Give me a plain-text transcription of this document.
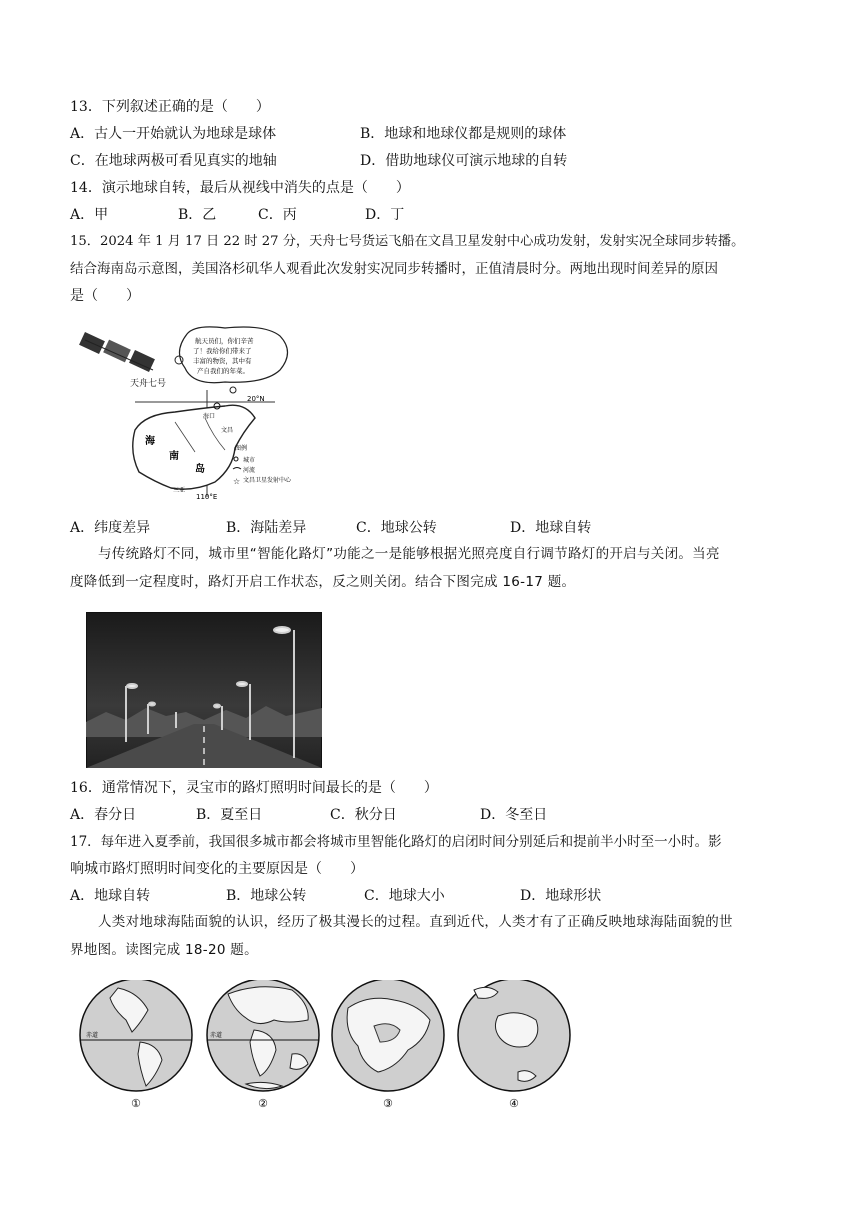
13．下列叙述正确的是（　　）
A．古人一开始就认为地球是球体	B．地球和地球仪都是规则的球体
C．在地球两极可看见真实的地轴	D．借助地球仪可演示地球的自转
14．演示地球自转，最后从视线中消失的点是（　　）
A．甲	B．乙	C．丙	D．丁
15．2024 年 1 月 17 日 22 时 27 分，天舟七号货运飞船在文昌卫星发射中心成功发射，发射实况全球同步转播。
结合海南岛示意图，美国洛杉矶华人观看此次发射实况同步转播时，正值清晨时分。两地出现时间差异的原因
是（　　）
天舟七号
航天员们，你们辛苦
了！我给你们带来了
丰富的物资，其中有
产自我们的年菜。
20°N
110°E
海
南
岛
海口
文昌
三亚
图例
城市
河流
☆ 文昌卫星发射中心
A．纬度差异	B．海陆差异	C．地球公转	D．地球自转
与传统路灯不同，城市里“智能化路灯”功能之一是能够根据光照亮度自行调节路灯的开启与关闭。当亮
度降低到一定程度时，路灯开启工作状态，反之则关闭。结合下图完成 16-17 题。
16．通常情况下，灵宝市的路灯照明时间最长的是（　　）
A．春分日	B．夏至日	C．秋分日	D．冬至日
17．每年进入夏季前，我国很多城市都会将城市里智能化路灯的启闭时间分别延后和提前半小时至一小时。影
响城市路灯照明时间变化的主要原因是（　　）
A．地球自转	B．地球公转	C．地球大小	D．地球形状
人类对地球海陆面貌的认识，经历了极其漫长的过程。直到近代，人类才有了正确反映地球海陆面貌的世
界地图。读图完成 18-20 题。
赤道
①
赤道
②	③	④
